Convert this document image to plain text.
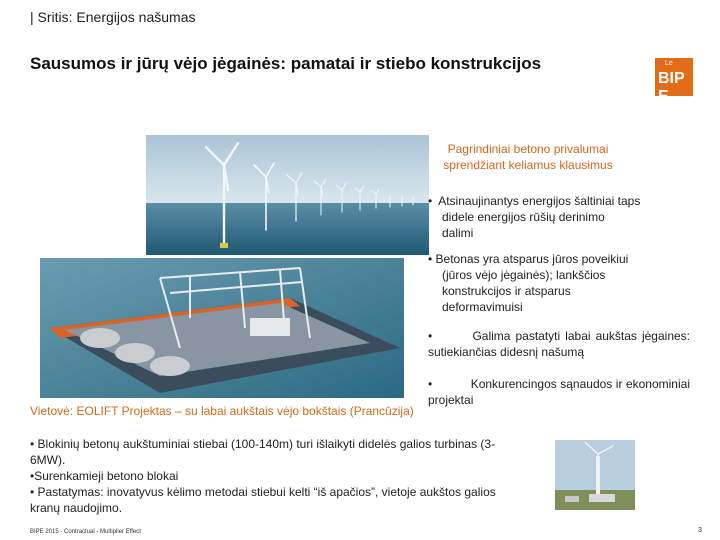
| Sritis: Energijos našumas
Sausumos ir jūrų vėjo jėgainės: pamatai ir stiebo konstrukcijos	Le
BIP
E
Pagrindiniai betono privalumai
sprendžiant keliamus klausimus
• Atsinaujinantys energijos šaltiniai taps
didele energijos rūšių derinimo
dalimi
• Betonas yra atsparus jūros poveikiui
(jūros vėjo jėgainės); lankščios
konstrukcijos ir atsparus
deformavimuisi
•	Galima pastatyti labai aukštas jėgaines: sutiekiančias didesnį našumą
•	Konkurencingos sąnaudos ir ekonominiai projektai
Vietovė: EOLIFT Projektas – su labai aukštais vėjo bokštais (Prancūzija)
• Blokinių betonų aukštuminiai stiebai (100-140m) turi išlaikyti didelės galios turbinas (3-
6MW).
•Surenkamieji betono blokai
• Pastatymas: inovatyvus kėlimo metodai stiebui kelti “iš apačios”, vietoje aukštos galios
kranų naudojimo.
BIPE 2015 - Contractual - Multiplier Effect	3
